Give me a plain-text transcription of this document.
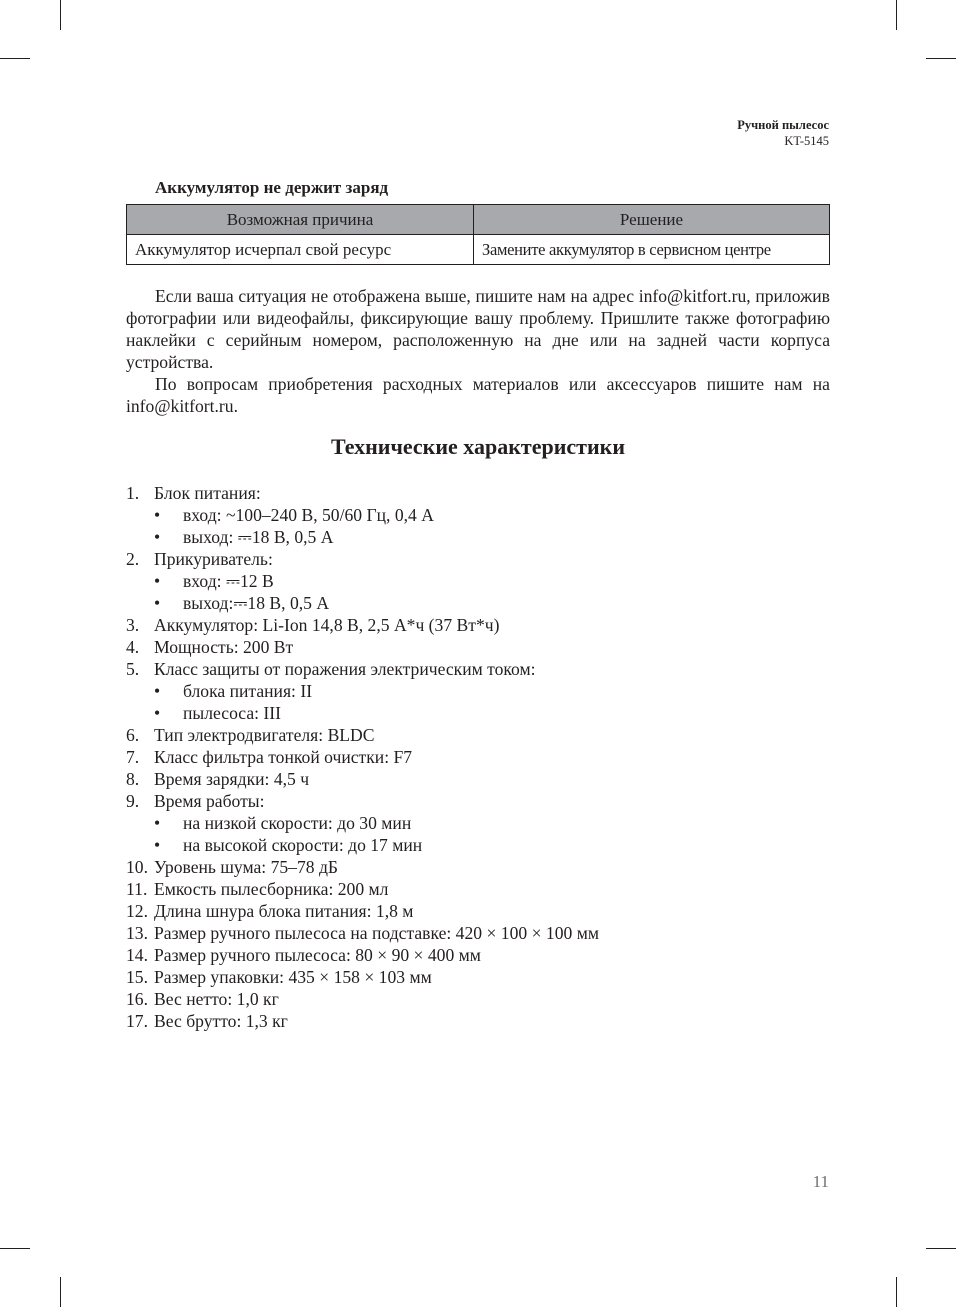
Ручной пылесос
KT-5145
Аккумулятор не держит заряд
Возможная причина	Решение
Аккумулятор исчерпал свой ресурс	Замените аккумулятор в сервисном центре

Если ваша ситуация не отображена выше, пишите нам на адрес info@kitfort.ru, приложив фотографии или видеофайлы, фиксирующие вашу проблему. Пришлите также фотографию наклейки с серийным номером, расположенную на дне или на задней части корпуса устройства.

По вопросам приобретения расходных материалов или аксессуаров пишите нам на info@kitfort.ru.

Технические характеристики
1. Блок питания:
• вход: ~100–240 В, 50/60 Гц, 0,4 А
• выход: ⎓18 В, 0,5 А
2. Прикуриватель:
• вход: ⎓12 В
• выход:⎓18 В, 0,5 А
3. Аккумулятор: Li-Ion 14,8 В, 2,5 А*ч (37 Вт*ч)
4. Мощность: 200 Вт
5. Класс защиты от поражения электрическим током:
• блока питания: II
• пылесоса: III
6. Тип электродвигателя: BLDC
7. Класс фильтра тонкой очистки: F7
8. Время зарядки: 4,5 ч
9. Время работы:
• на низкой скорости: до 30 мин
• на высокой скорости: до 17 мин
10. Уровень шума: 75–78 дБ
11. Емкость пылесборника: 200 мл
12. Длина шнура блока питания: 1,8 м
13. Размер ручного пылесоса на подставке: 420 × 100 × 100 мм
14. Размер ручного пылесоса: 80 × 90 × 400 мм
15. Размер упаковки: 435 × 158 × 103 мм
16. Вес нетто: 1,0 кг
17. Вес брутто: 1,3 кг
11
